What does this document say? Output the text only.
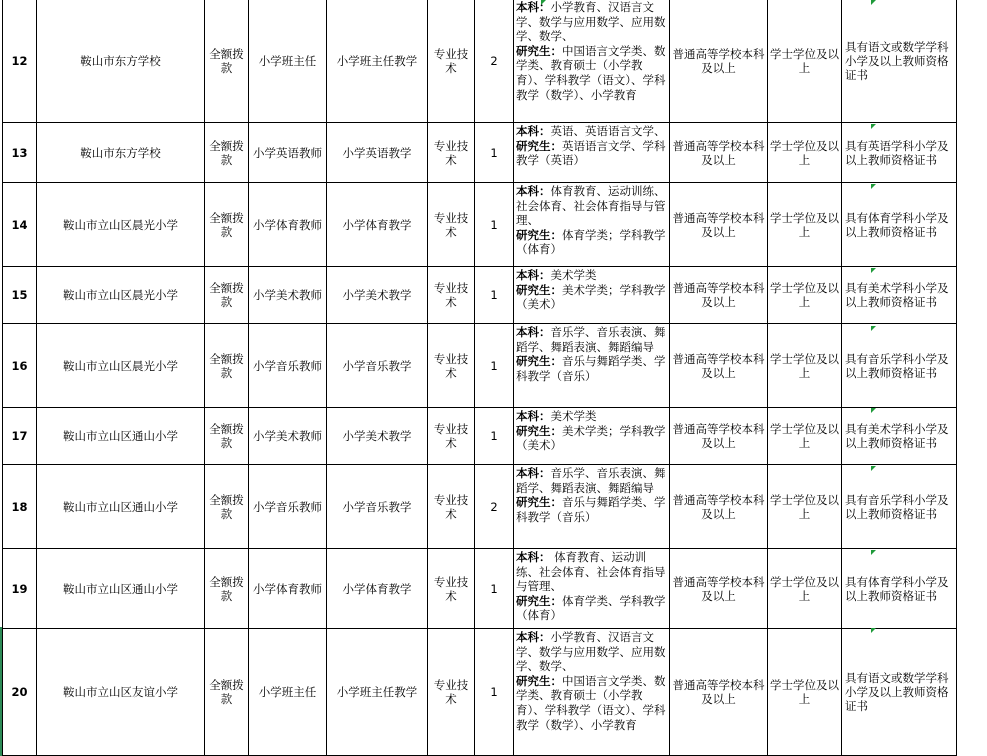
12	鞍山市东方学校	全额拨款	小学班主任	小学班主任教学	专业技术	2	本科：小学教育、汉语言文学、数学与应用数学、应用数学、数学、
研究生：中国语言文学类、数学类、教育硕士（小学教育）、学科教学（语文）、学科教学（数学）、小学教育	普通高等学校本科及以上	学士学位及以上	具有语文或数学学科小学及以上教师资格证书
13	鞍山市东方学校	全额拨款	小学英语教师	小学英语教学	专业技术	1	本科：英语、英语语言文学、
研究生：英语语言文学、学科教学（英语）	普通高等学校本科及以上	学士学位及以上	具有英语学科小学及以上教师资格证书
14	鞍山市立山区晨光小学	全额拨款	小学体育教师	小学体育教学	专业技术	1	本科：体育教育、运动训练、社会体育、社会体育指导与管理、
研究生：体育学类；学科教学（体育）	普通高等学校本科及以上	学士学位及以上	具有体育学科小学及以上教师资格证书
15	鞍山市立山区晨光小学	全额拨款	小学美术教师	小学美术教学	专业技术	1	本科：美术学类
研究生：美术学类；学科教学（美术）	普通高等学校本科及以上	学士学位及以上	具有美术学科小学及以上教师资格证书
16	鞍山市立山区晨光小学	全额拨款	小学音乐教师	小学音乐教学	专业技术	1	本科：音乐学、音乐表演、舞蹈学、舞蹈表演、舞蹈编导
研究生：音乐与舞蹈学类、学科教学（音乐）	普通高等学校本科及以上	学士学位及以上	具有音乐学科小学及以上教师资格证书
17	鞍山市立山区通山小学	全额拨款	小学美术教师	小学美术教学	专业技术	1	本科：美术学类
研究生：美术学类；学科教学（美术）	普通高等学校本科及以上	学士学位及以上	具有美术学科小学及以上教师资格证书
18	鞍山市立山区通山小学	全额拨款	小学音乐教师	小学音乐教学	专业技术	2	本科：音乐学、音乐表演、舞蹈学、舞蹈表演、舞蹈编导
研究生：音乐与舞蹈学类、学科教学（音乐）	普通高等学校本科及以上	学士学位及以上	具有音乐学科小学及以上教师资格证书
19	鞍山市立山区通山小学	全额拨款	小学体育教师	小学体育教学	专业技术	1	本科： 体育教育、运动训练、社会体育、社会体育指导与管理、
研究生：体育学类、学科教学（体育）	普通高等学校本科及以上	学士学位及以上	具有体育学科小学及以上教师资格证书
20	鞍山市立山区友谊小学	全额拨款	小学班主任	小学班主任教学	专业技术	1	本科：小学教育、汉语言文学、数学与应用数学、应用数学、数学、
研究生：中国语言文学类、数学类、教育硕士（小学教育）、学科教学（语文）、学科教学（数学）、小学教育	普通高等学校本科及以上	学士学位及以上	具有语文或数学学科小学及以上教师资格证书
